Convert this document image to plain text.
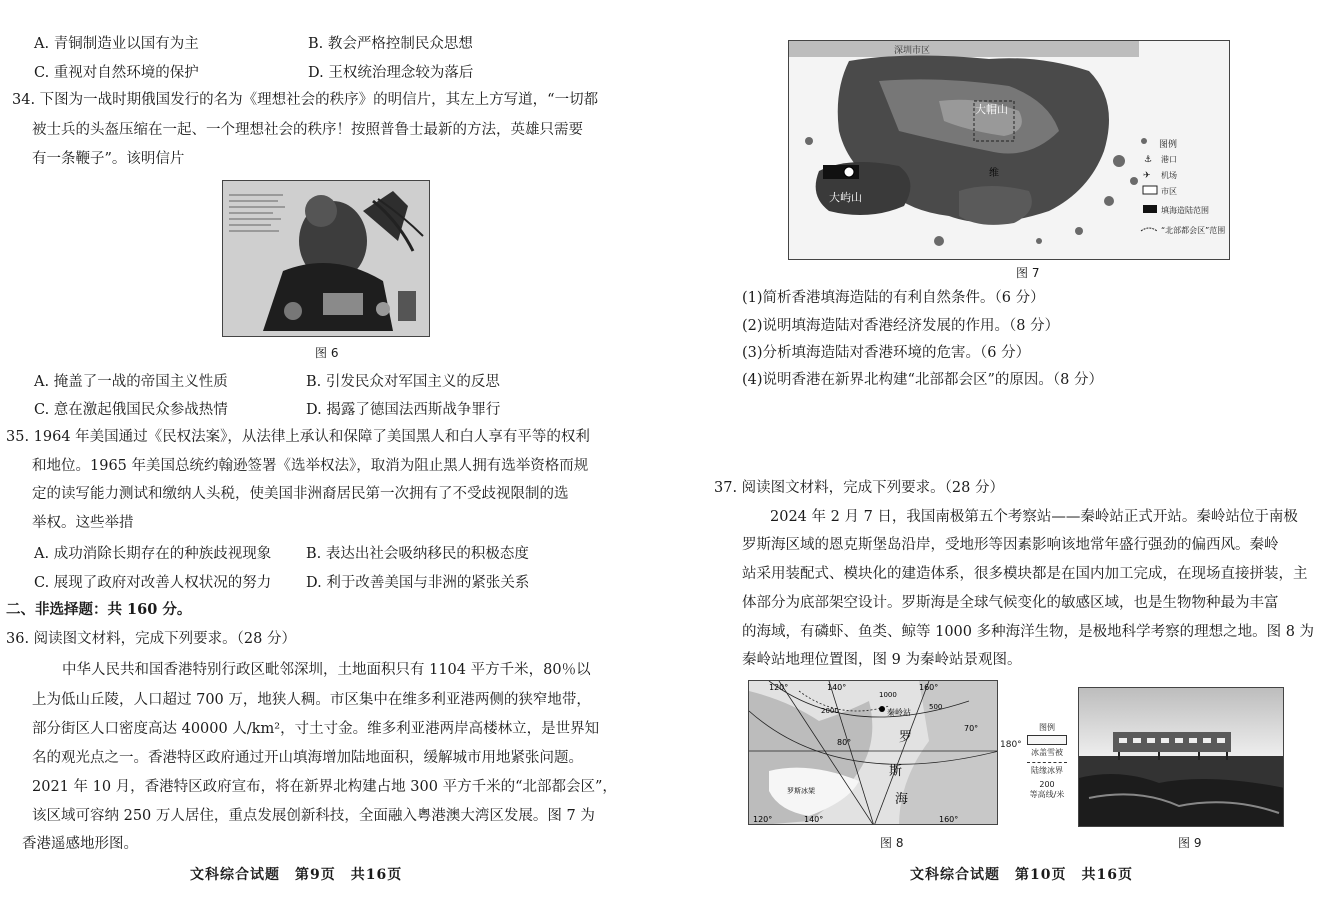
A. 青铜制造业以国有为主	B. 教会严格控制民众思想
C. 重视对自然环境的保护	D. 王权统治理念较为落后
34. 下图为一战时期俄国发行的名为《理想社会的秩序》的明信片，其左上方写道，“一切都
被士兵的头盔压缩在一起、一个理想社会的秩序！按照普鲁士最新的方法，英雄只需要
有一条鞭子”。该明信片
图 6
A. 掩盖了一战的帝国主义性质	B. 引发民众对军国主义的反思
C. 意在激起俄国民众参战热情	D. 揭露了德国法西斯战争罪行
35. 1964 年美国通过《民权法案》，从法律上承认和保障了美国黑人和白人享有平等的权利
和地位。1965 年美国总统约翰逊签署《选举权法》，取消为阻止黑人拥有选举资格而规
定的读写能力测试和缴纳人头税，使美国非洲裔居民第一次拥有了不受歧视限制的选
举权。这些举措
A. 成功消除长期存在的种族歧视现象 B. 表达出社会吸纳移民的积极态度
C. 展现了政府对改善人权状况的努力 D. 利于改善美国与非洲的紧张关系
二、非选择题：共 160 分。
36. 阅读图文材料，完成下列要求。（28 分）
中华人民共和国香港特别行政区毗邻深圳，土地面积只有 1104 平方千米，80％以
上为低山丘陵，人口超过 700 万，地狭人稠。市区集中在维多利亚港两侧的狭窄地带，
部分街区人口密度高达 40000 人/km²，寸土寸金。维多利亚港两岸高楼林立，是世界知
名的观光点之一。香港特区政府通过开山填海增加陆地面积，缓解城市用地紧张问题。
2021 年 10 月，香港特区政府宣布，将在新界北构建占地 300 平方千米的“北部都会区”，
该区域可容纳 250 万人居住，重点发展创新科技，全面融入粤港澳大湾区发展。图 7 为
香港遥感地形图。
文科综合试题　第9页　共16页
深圳市区
大帽山
大屿山
维
图例
⚓ 港口
✈ 机场
市区
填海造陆范围
“北部都会区”范围
图 7
(1)简析香港填海造陆的有利自然条件。（6 分）
(2)说明填海造陆对香港经济发展的作用。（8 分）
(3)分析填海造陆对香港环境的危害。（6 分）
(4)说明香港在新界北构建“北部都会区”的原因。（8 分）
37. 阅读图文材料，完成下列要求。（28 分）
2024 年 2 月 7 日，我国南极第五个考察站——秦岭站正式开站。秦岭站位于南极
罗斯海区域的恩克斯堡岛沿岸，受地形等因素影响该地常年盛行强劲的偏西风。秦岭
站采用装配式、模块化的建造体系，很多模块都是在国内加工完成，在现场直接拼装，主
体部分为底部架空设计。罗斯海是全球气候变化的敏感区域，也是生物物种最为丰富
的海域，有磷虾、鱼类、鲸等 1000 多种海洋生物，是极地科学考察的理想之地。图 8 为
秦岭站地理位置图，图 9 为秦岭站景观图。
120°	140°	160°
1000
2000	500
秦岭站
70°
80°	罗
斯
海
罗斯冰架
120°	140°	160°
180°
图例
冰盖雪被
陆缘冰界
200
等高线/米
图 8	图 9
文科综合试题　第10页　共16页
